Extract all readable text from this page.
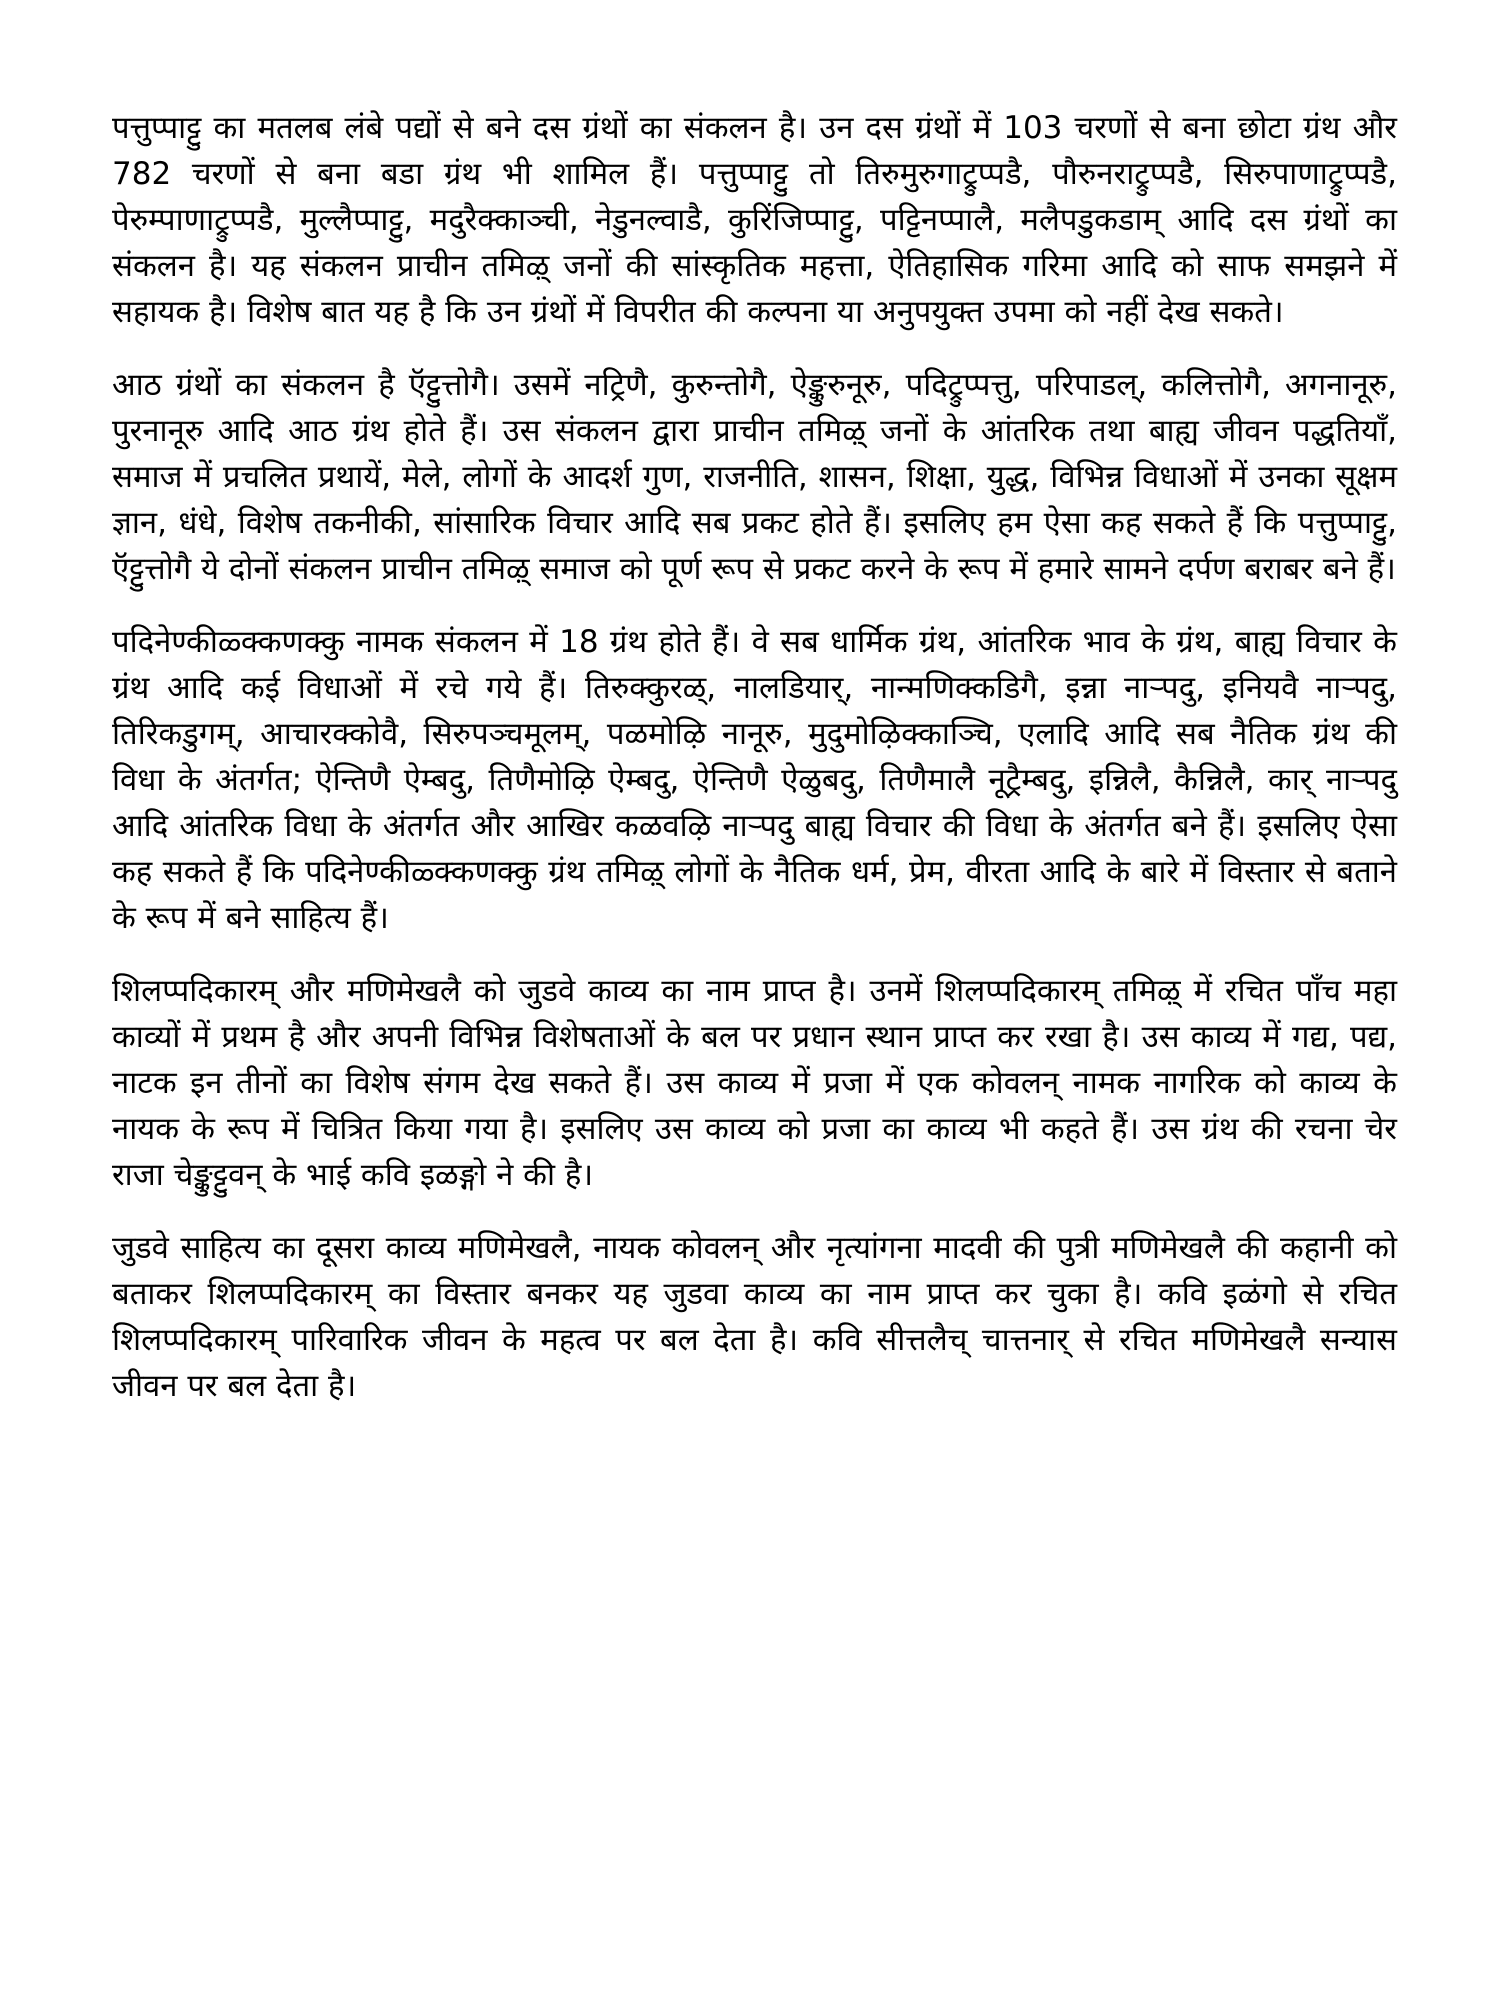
पत्तुप्पाट्टु का मतलब लंबे पद्यों से बने दस ग्रंथों का संकलन है। उन दस ग्रंथों में 103 चरणों से बना छोटा ग्रंथ और 782 चरणों से बना बडा ग्रंथ भी शामिल हैं। पत्तुप्पाट्टु तो तिरुमुरुगाट्रुप्पडै, पौरुनराट्रुप्पडै, सिरुपाणाट्रुप्पडै, पेरुम्पाणाट्रुप्पडै, मुल्लैप्पाट्टु, मदुरैक्काञ्ची, नेडुनल्वाडै, कुरिंजिप्पाट्टु, पट्टिनप्पालै, मलैपडुकडाम् आदि दस ग्रंथों का संकलन है। यह संकलन प्राचीन तमिऴ् जनों की सांस्कृतिक महत्ता, ऐतिहासिक गरिमा आदि को साफ समझने में सहायक है। विशेष बात यह है कि उन ग्रंथों में विपरीत की कल्पना या अनुपयुक्त उपमा को नहीं देख सकते।

आठ ग्रंथों का संकलन है ऍट्टुत्तोगै। उसमें नट्रिणै, कुरुन्तोगै, ऐङ्कुरुनूरु, पदिट्रुप्पत्तु, परिपाडल्, कलित्तोगै, अगनानूरु, पुरनानूरु आदि आठ ग्रंथ होते हैं। उस संकलन द्वारा प्राचीन तमिऴ् जनों के आंतरिक तथा बाह्य जीवन पद्धतियाँ, समाज में प्रचलित प्रथायें, मेले, लोगों के आदर्श गुण, राजनीति, शासन, शिक्षा, युद्ध, विभिन्न विधाओं में उनका सूक्षम ज्ञान, धंधे, विशेष तकनीकी, सांसारिक विचार आदि सब प्रकट होते हैं। इसलिए हम ऐसा कह सकते हैं कि पत्तुप्पाट्टु, ऍट्टुत्तोगै ये दोनों संकलन प्राचीन तमिऴ् समाज को पूर्ण रूप से प्रकट करने के रूप में हमारे सामने दर्पण बराबर बने हैं।

पदिनेण्कीळ्क्कणक्कु नामक संकलन में 18 ग्रंथ होते हैं। वे सब धार्मिक ग्रंथ, आंतरिक भाव के ग्रंथ, बाह्य विचार के ग्रंथ आदि कई विधाओं में रचे गये हैं। तिरुक्कुरळ्, नालडियार्, नान्मणिक्कडिगै, इन्ना नाऱ्पदु, इनियवै नाऱ्पदु, तिरिकडुगम्, आचारक्कोवै, सिरुपञ्चमूलम्, पळमोऴि नानूरु, मुदुमोऴिक्काञ्चि, एलादि आदि सब नैतिक ग्रंथ की विधा के अंतर्गत; ऐन्तिणै ऐम्बदु, तिणैमोऴि ऐम्बदु, ऐन्तिणै ऐळुबदु, तिणैमालै नूट्रैम्बदु, इन्निलै, कैन्निलै, कार् नाऱ्पदु आदि आंतरिक विधा के अंतर्गत और आखिर कळवऴि नाऱ्पदु बाह्य विचार की विधा के अंतर्गत बने हैं। इसलिए ऐसा कह सकते हैं कि पदिनेण्कीळ्क्कणक्कु ग्रंथ तमिऴ् लोगों के नैतिक धर्म, प्रेम, वीरता आदि के बारे में विस्तार से बताने के रूप में बने साहित्य हैं।

शिलप्पदिकारम् और मणिमेखलै को जुडवे काव्य का नाम प्राप्त है। उनमें शिलप्पदिकारम् तमिऴ् में रचित पाँच महा काव्यों में प्रथम है और अपनी विभिन्न विशेषताओं के बल पर प्रधान स्थान प्राप्त कर रखा है। उस काव्य में गद्य, पद्य, नाटक इन तीनों का विशेष संगम देख सकते हैं। उस काव्य में प्रजा में एक कोवलन् नामक नागरिक को काव्य के नायक के रूप में चित्रित किया गया है। इसलिए उस काव्य को प्रजा का काव्य भी कहते हैं। उस ग्रंथ की रचना चेर राजा चेङ्कुट्टुवन् के भाई कवि इळङ्गो ने की है।

जुडवे साहित्य का दूसरा काव्य मणिमेखलै, नायक कोवलन् और नृत्यांगना मादवी की पुत्री मणिमेखलै की कहानी को बताकर शिलप्पदिकारम् का विस्तार बनकर यह जुडवा काव्य का नाम प्राप्त कर चुका है। कवि इळंगो से रचित शिलप्पदिकारम् पारिवारिक जीवन के महत्व पर बल देता है। कवि सीत्तलैच् चात्तनार् से रचित मणिमेखलै सन्यास जीवन पर बल देता है।
